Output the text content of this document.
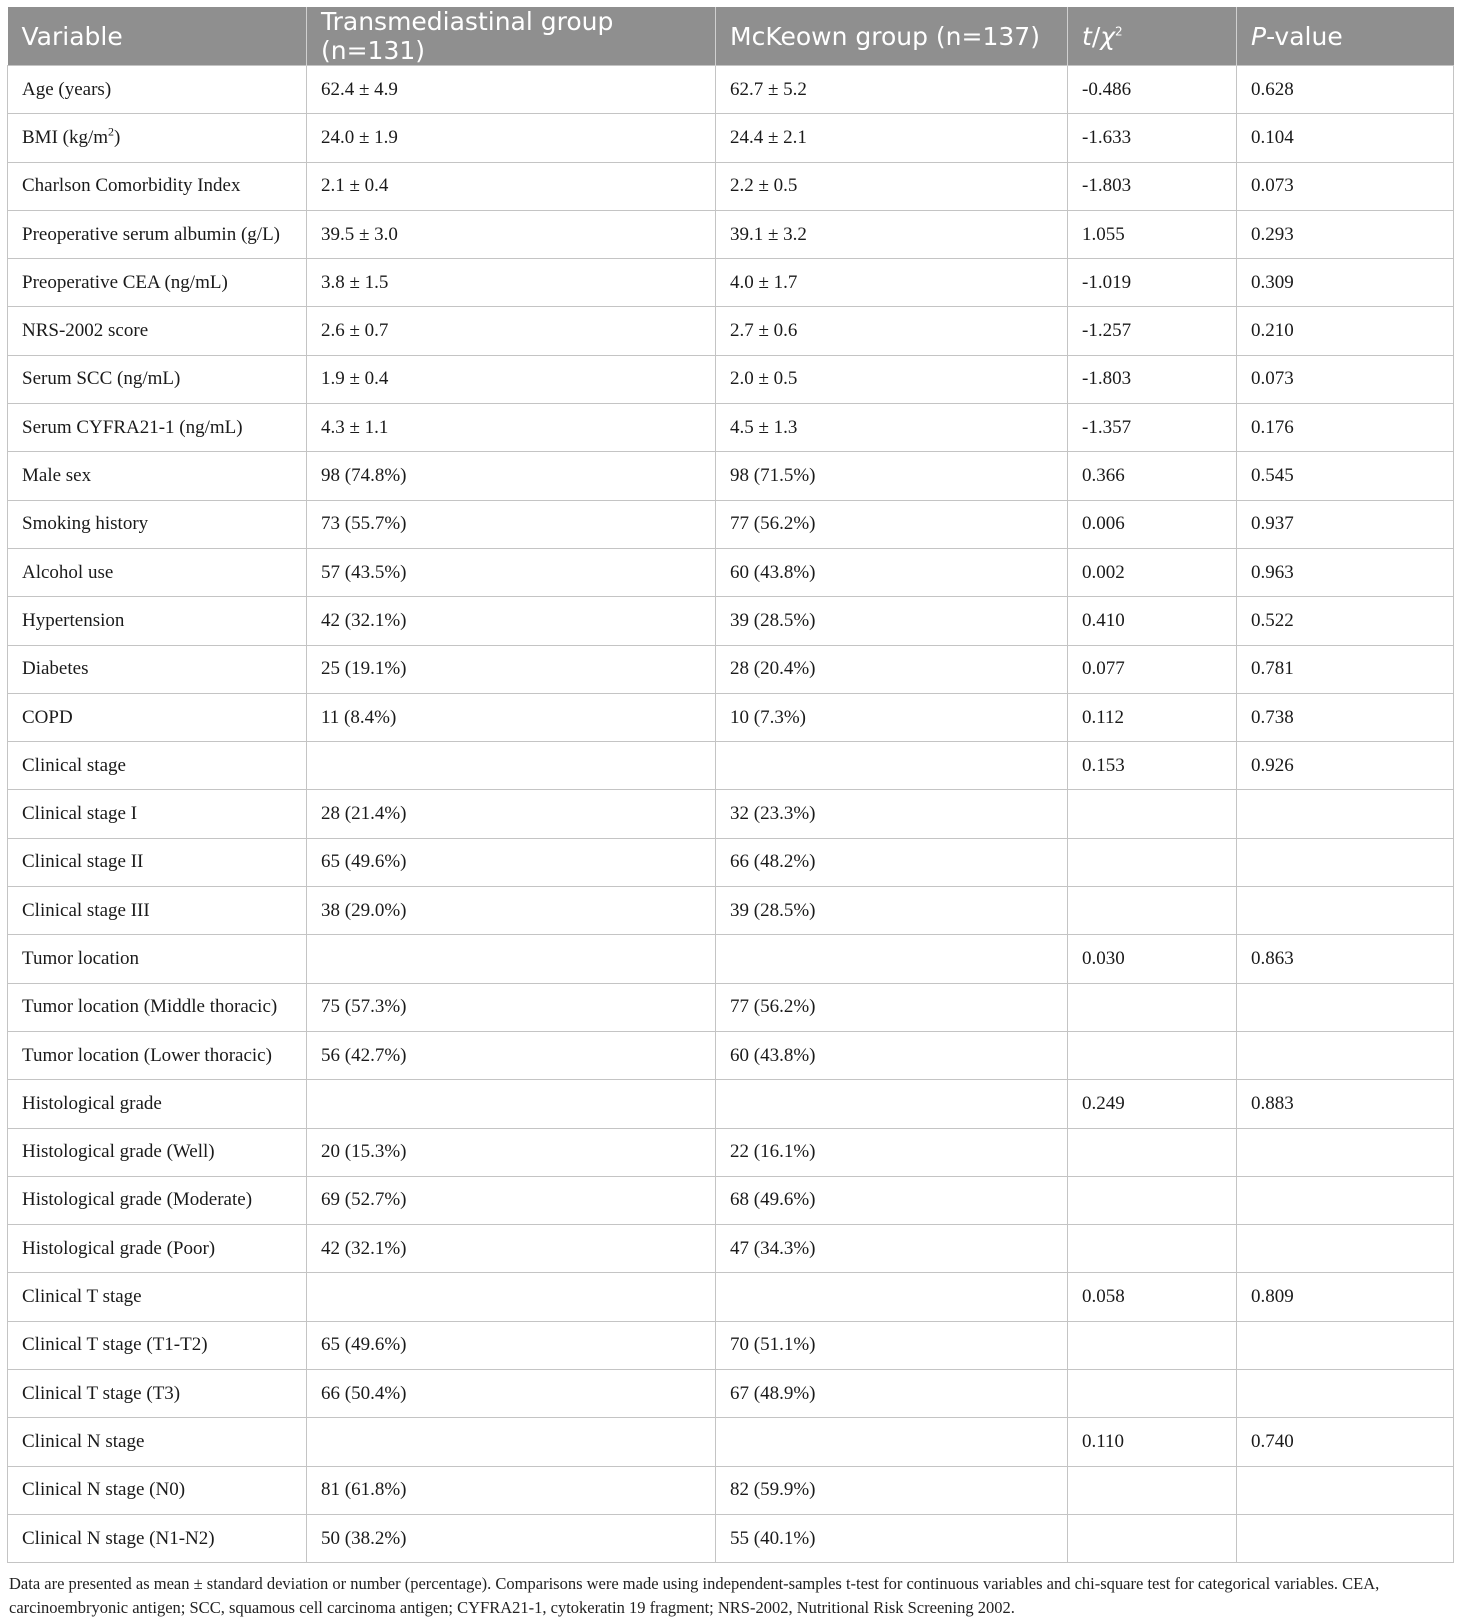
Variable	Transmediastinal group (n=131)	McKeown group (n=137)	$t/\chi^2$	P-value
Age (years)	62.4 ± 4.9	62.7 ± 5.2	-0.486	0.628
BMI $(kg/m^2)$	24.0 ± 1.9	24.4 ± 2.1	-1.633	0.104
Charlson Comorbidity Index	2.1 ± 0.4	2.2 ± 0.5	-1.803	0.073
Preoperative serum albumin (g/L)	39.5 ± 3.0	39.1 ± 3.2	1.055	0.293
Preoperative CEA (ng/mL)	3.8 ± 1.5	4.0 ± 1.7	-1.019	0.309
NRS-2002 score	2.6 ± 0.7	2.7 ± 0.6	-1.257	0.210
Serum SCC (ng/mL)	1.9 ± 0.4	2.0 ± 0.5	-1.803	0.073
Serum CYFRA21-1 (ng/mL)	4.3 ± 1.1	4.5 ± 1.3	-1.357	0.176
Male sex	98 (74.8%)	98 (71.5%)	0.366	0.545
Smoking history	73 (55.7%)	77 (56.2%)	0.006	0.937
Alcohol use	57 (43.5%)	60 (43.8%)	0.002	0.963
Hypertension	42 (32.1%)	39 (28.5%)	0.410	0.522
Diabetes	25 (19.1%)	28 (20.4%)	0.077	0.781
COPD	11 (8.4%)	10 (7.3%)	0.112	0.738
Clinical stage			0.153	0.926
Clinical stage I	28 (21.4%)	32 (23.3%)		
Clinical stage II	65 (49.6%)	66 (48.2%)		
Clinical stage III	38 (29.0%)	39 (28.5%)		
Tumor location			0.030	0.863
Tumor location (Middle thoracic)	75 (57.3%)	77 (56.2%)		
Tumor location (Lower thoracic)	56 (42.7%)	60 (43.8%)		
Histological grade			0.249	0.883
Histological grade (Well)	20 (15.3%)	22 (16.1%)		
Histological grade (Moderate)	69 (52.7%)	68 (49.6%)		
Histological grade (Poor)	42 (32.1%)	47 (34.3%)		
Clinical T stage			0.058	0.809
Clinical T stage (T1-T2)	65 (49.6%)	70 (51.1%)		
Clinical T stage (T3)	66 (50.4%)	67 (48.9%)		
Clinical N stage			0.110	0.740
Clinical N stage (N0)	81 (61.8%)	82 (59.9%)		
Clinical N stage (N1-N2)	50 (38.2%)	55 (40.1%)		
Data are presented as mean ± standard deviation or number (percentage). Comparisons were made using independent-samples t-test for continuous variables and chi-square test for categorical variables. CEA, carcinoembryonic antigen; SCC, squamous cell carcinoma antigen; CYFRA21-1, cytokeratin 19 fragment; NRS-2002, Nutritional Risk Screening 2002.
